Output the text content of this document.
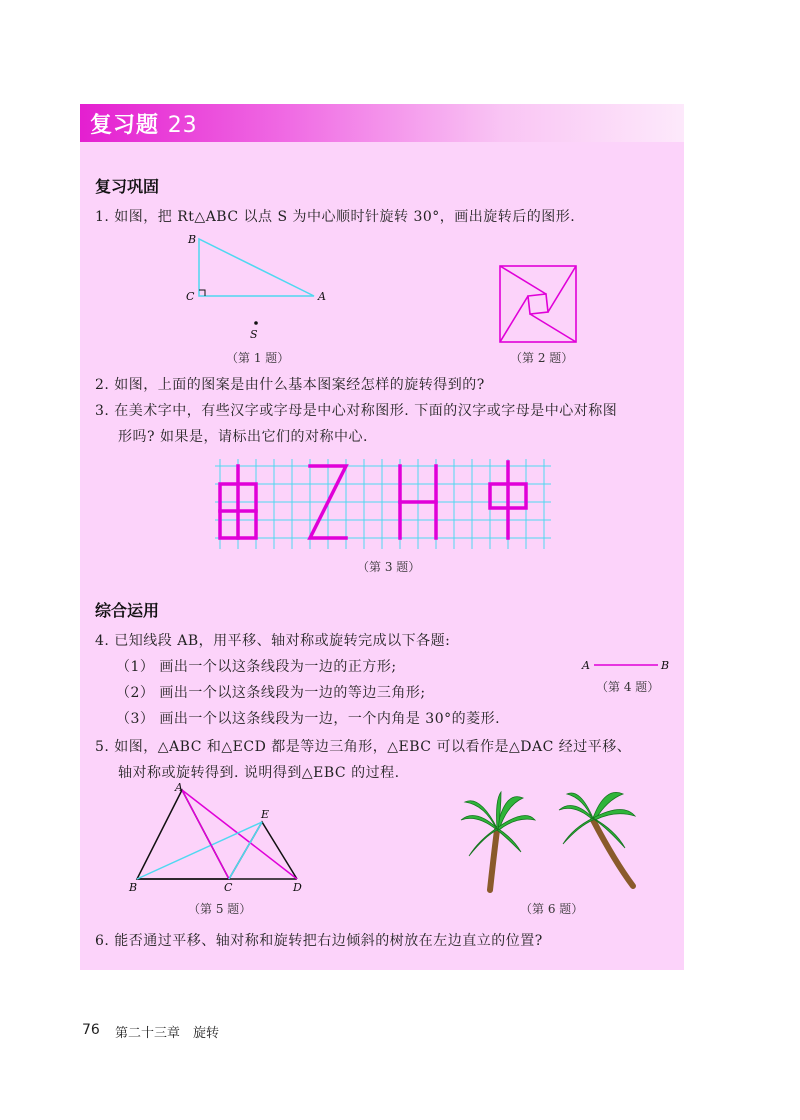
复习题 23
复习巩固
1. 如图，把 Rt△ABC 以点 S 为中心顺时针旋转 30°，画出旋转后的图形.
B
C	A
S
（第 1 题）	（第 2 题）
2. 如图，上面的图案是由什么基本图案经怎样的旋转得到的?
3. 在美术字中，有些汉字或字母是中心对称图形. 下面的汉字或字母是中心对称图
形吗? 如果是，请标出它们的对称中心.
（第 3 题）
综合运用
4. 已知线段 AB，用平移、轴对称或旋转完成以下各题:
（1） 画出一个以这条线段为一边的正方形;
（2） 画出一个以这条线段为一边的等边三角形;
（3） 画出一个以这条线段为一边，一个内角是 30°的菱形.
A	B
（第 4 题）
5. 如图，△ABC 和△ECD 都是等边三角形，△EBC 可以看作是△DAC 经过平移、
轴对称或旋转得到. 说明得到△EBC 的过程.
A
E
B	C	D
（第 5 题）	（第 6 题）
6. 能否通过平移、轴对称和旋转把右边倾斜的树放在左边直立的位置?
76 第二十三章　旋转
